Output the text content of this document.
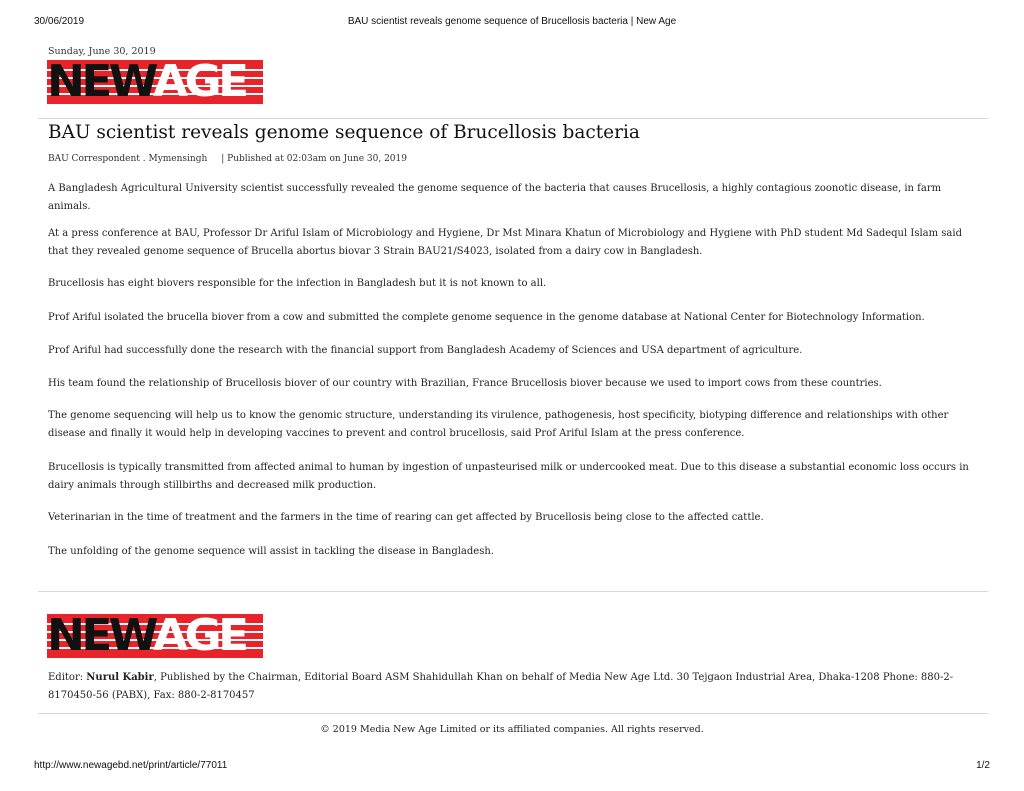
30/06/2019	BAU scientist reveals genome sequence of Brucellosis bacteria | New Age
Sunday, June 30, 2019
NEWAGE
BAU scientist reveals genome sequence of Brucellosis bacteria
BAU Correspondent . Mymensingh | Published at 02:03am on June 30, 2019

A Bangladesh Agricultural University scientist successfully revealed the genome sequence of the bacteria that causes Brucellosis, a highly contagious zoonotic disease, in farm animals.

At a press conference at BAU, Professor Dr Ariful Islam of Microbiology and Hygiene, Dr Mst Minara Khatun of Microbiology and Hygiene with PhD student Md Sadequl Islam said that they revealed genome sequence of Brucella abortus biovar 3 Strain BAU21/S4023, isolated from a dairy cow in Bangladesh.

Brucellosis has eight biovers responsible for the infection in Bangladesh but it is not known to all.

Prof Ariful isolated the brucella biover from a cow and submitted the complete genome sequence in the genome database at National Center for Biotechnology Information.

Prof Ariful had successfully done the research with the financial support from Bangladesh Academy of Sciences and USA department of agriculture.

His team found the relationship of Brucellosis biover of our country with Brazilian, France Brucellosis biover because we used to import cows from these countries.

The genome sequencing will help us to know the genomic structure, understanding its virulence, pathogenesis, host specificity, biotyping difference and relationships with other disease and finally it would help in developing vaccines to prevent and control brucellosis, said Prof Ariful Islam at the press conference.

Brucellosis is typically transmitted from affected animal to human by ingestion of unpasteurised milk or undercooked meat. Due to this disease a substantial economic loss occurs in dairy animals through stillbirths and decreased milk production.

Veterinarian in the time of treatment and the farmers in the time of rearing can get affected by Brucellosis being close to the affected cattle.

The unfolding of the genome sequence will assist in tackling the disease in Bangladesh.

NEWAGE

Editor: Nurul Kabir, Published by the Chairman, Editorial Board ASM Shahidullah Khan on behalf of Media New Age Ltd. 30 Tejgaon Industrial Area, Dhaka-1208 Phone: 880-2-8170450-56 (PABX), Fax: 880-2-8170457

© 2019 Media New Age Limited or its affiliated companies. All rights reserved.
http://www.newagebd.net/print/article/77011	1/2
